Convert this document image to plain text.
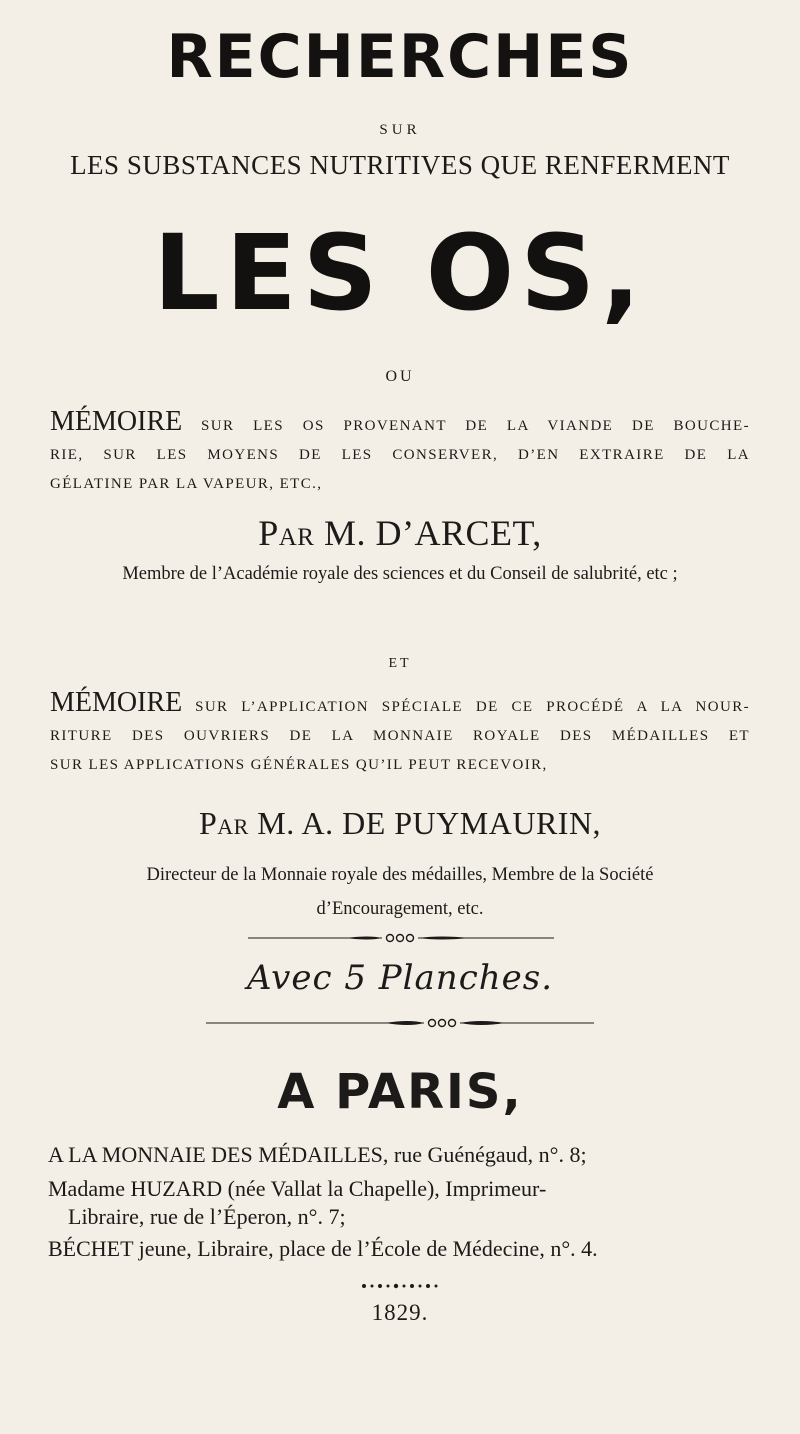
RECHERCHES
SUR
LES SUBSTANCES NUTRITIVES QUE RENFERMENT
LES OS,
OU
MÉMOIRE SUR LES OS PROVENANT DE LA VIANDE DE BOUCHE-
RIE, SUR LES MOYENS DE LES CONSERVER, D’EN EXTRAIRE DE LA
GÉLATINE PAR LA VAPEUR, ETC.,
Par M. D’ARCET,
Membre de l’Académie royale des sciences et du Conseil de salubrité, etc ;
ET
MÉMOIRE SUR L’APPLICATION SPÉCIALE DE CE PROCÉDÉ A LA NOUR-
RITURE DES OUVRIERS DE LA MONNAIE ROYALE DES MÉDAILLES ET
SUR LES APPLICATIONS GÉNÉRALES QU’IL PEUT RECEVOIR,
Par M. A. DE PUYMAURIN,
Directeur de la Monnaie royale des médailles, Membre de la Société
d’Encouragement, etc.
Avec 5 Planches.
A PARIS,
A LA MONNAIE DES MÉDAILLES, rue Guénégaud, n°. 8;
Madame HUZARD (née Vallat la Chapelle), Imprimeur-
Libraire, rue de l’Éperon, n°. 7;
BÉCHET jeune, Libraire, place de l’École de Médecine, n°. 4.
1829.
